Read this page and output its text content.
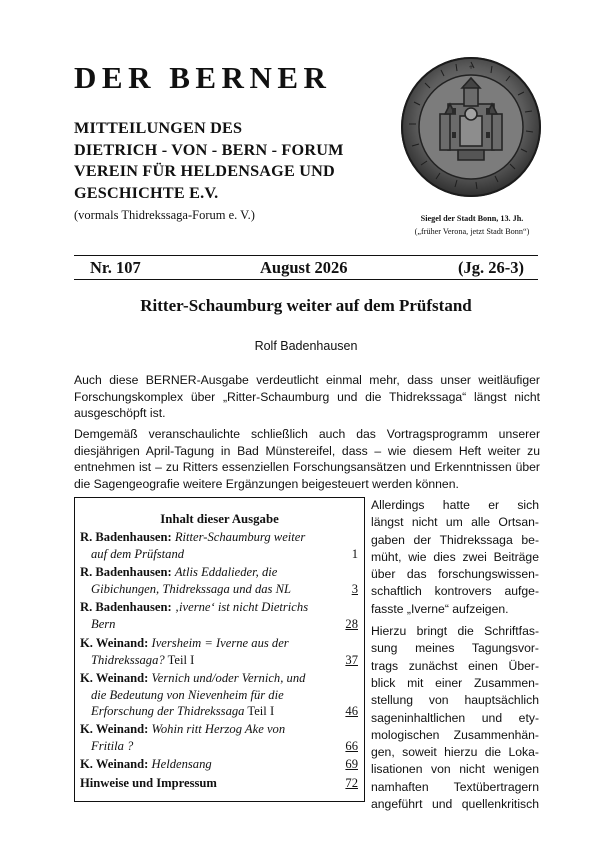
DER BERNER
MITTEILUNGEN DES
DIETRICH - VON - BERN - FORUM
VEREIN FÜR HELDENSAGE UND
GESCHICHTE E.V.
(vormals Thidrekssaga-Forum e. V.)
+
Siegel der Stadt Bonn, 13. Jh.
(„früher Verona, jetzt Stadt Bonn“)
Nr. 107	August 2026	(Jg. 26-3)
Ritter-Schaumburg weiter auf dem Prüfstand
Rolf Badenhausen
Auch diese BERNER-Ausgabe verdeutlicht einmal mehr, dass unser weitläufiger Forschungskomplex über „Ritter-Schaumburg und die Thidrekssaga“ längst nicht ausgeschöpft ist.
Demgemäß veranschaulichte schließlich auch das Vortragsprogramm unserer diesjährigen April-Tagung in Bad Münstereifel, dass – wie diesem Heft weiter zu entnehmen ist – zu Ritters essenziellen Forschungsansätzen und Erkenntnissen über die Sagengeografie weitere Ergänzungen beigesteuert werden können.
Inhalt dieser Ausgabe
R. Badenhausen: Ritter-Schaumburg weiter
auf dem Prüfstand	1
R. Badenhausen: Atlis Eddalieder, die
Gibichungen, Thidrekssaga und das NL	3
R. Badenhausen: ‚iverne‘ ist nicht Dietrichs
Bern	28
K. Weinand: Iversheim = Iverne aus der
Thidrekssaga? Teil I	37
K. Weinand: Vernich und/oder Vernich, und
die Bedeutung von Nievenheim für die
Erforschung der Thidrekssaga Teil I	46
K. Weinand: Wohin ritt Herzog Ake von
Fritila ?	66
K. Weinand: Heldensang	69
Hinweise und Impressum	72
Allerdings hatte er sich
längst nicht um alle Ortsan-
gaben der Thidrekssaga be-
müht, wie dies zwei Beiträge
über das forschungswissen-
schaftlich kontrovers aufge-
fasste „Iverne“ aufzeigen.
Hierzu bringt die Schriftfas-
sung meines Tagungsvor-
trags zunächst einen Über-
blick mit einer Zusammen-
stellung von hauptsächlich
sageninhaltlichen und ety-
mologischen Zusammenhän-
gen, soweit hierzu die Loka-
lisationen von nicht wenigen
namhaften Textübertragern
angeführt und quellenkritisch
